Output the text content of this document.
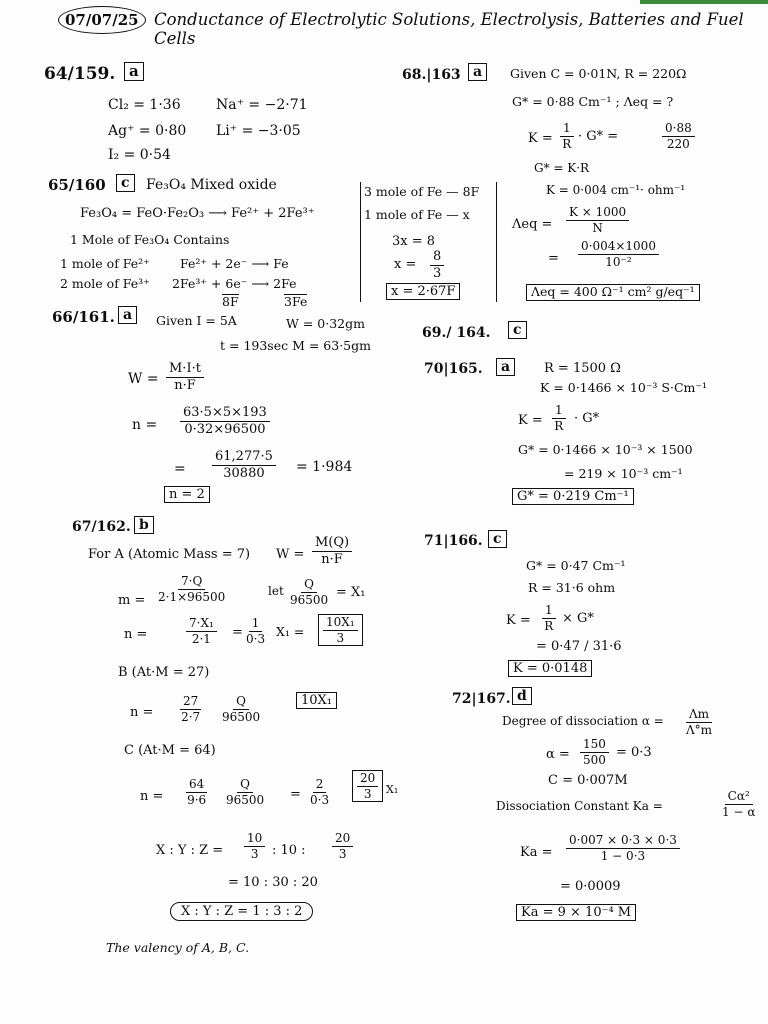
07/07/25 Conductance of Electrolytic Solutions, Electrolysis, Batteries and Fuel Cells
64/159. a
Cl₂ = 1·36	Na⁺ = −2·71
Ag⁺ = 0·80 Li⁺ = −3·05
I₂ = 0·54
65/160	c	Fe₃O₄ Mixed oxide
Fe₃O₄ = FeO·Fe₂O₃ ⟶ Fe²⁺ + 2Fe³⁺
1 Mole of Fe₃O₄ Contains
1 mole of Fe²⁺ Fe²⁺ + 2e⁻ ⟶ Fe
2 mole of Fe³⁺ 2Fe³⁺ + 6e⁻ ⟶ 2Fe
8F	3Fe
3 mole of Fe — 8F
1 mole of Fe — x
3x = 8
$x = \frac{8}{3}$
x = 2·67F
66/161. a	Given I = 5A	W = 0·32gm
t = 193sec M = 63·5gm
$W = \frac{M\cdot I\cdot t}{n\cdot F}$
$n = \frac{63\cdot 5\times 5\times 193}{0\cdot 32\times 96500}$
= $\frac{61,277\cdot 5}{30880} = 1\cdot 984$
n = 2
67/162. b
For A (Atomic Mass = 7) $W = \frac{M(Q)}{n\cdot F}$
$m = \frac{7\cdot Q}{2\cdot 1\times 96500}$	let $\frac{Q}{96500} = X_1$
n =	$\frac{\text{7·X₁}}{2\cdot 1} = \frac{1}{0\cdot 3} X_1 = \frac{\text{10X₁}}{3}$
B (At·M = 27)
$n = \frac{27}{2\cdot 7} \frac{Q}{96500}$	10X₁
C (At·M = 64)
$n = \frac{64}{9\cdot 6} \frac{Q}{96500} = \frac{2}{0\cdot 3} \frac{20}{3} X_1$
X : Y : $Z = \frac{10}{3}$ : 10 : $\frac{20}{3}$
= 10 : 30 : 20
X : Y : Z = 1 : 3 : 2
The valency of A, B, C.
68.|163 a	Given C = 0·01N, R = 220Ω
G* = 0·88 Cm⁻¹ ; Λeq = ?
$K = \frac{1}{R} \cdot G*$ =	$\frac{0\cdot 88}{220}$
G* = K·R
K = 0·004 cm⁻¹· ohm⁻¹
$\Lambda eq = \frac{K \times 1000}{N}$
= $\frac{0\cdot 004\times 1000}{\text{10⁻²}}$
Λeq = 400 Ω⁻¹ cm² g/eq⁻¹
69./ 164.	c
70|165.	a	R = 1500 Ω
K = 0·1466 × 10⁻³ S·Cm⁻¹
$K = \frac{1}{R} \cdot G*$
G* = 0·1466 × 10⁻³ × 1500
= 219 × 10⁻³ cm⁻¹
G* = 0·219 Cm⁻¹
71|166. c
G* = 0·47 Cm⁻¹
R = 31·6 ohm
$K = \frac{1}{R} \times G*$
= 0·47 / 31·6
K = 0·0148
72|167. d
Degree of dissociation $\alpha = \frac{\Lambda m}{\Lambda^\circ m}$
$\alpha = \frac{150}{500} = 0\cdot 3$
C = 0·007M
Dissociation Constant Ka =	$\frac{\text{Cα²}}{1 - \alpha}$
$Ka = \frac{0\cdot 007 \times 0\cdot 3 \times 0\cdot 3}{1 - 0\cdot 3}$
= 0·0009
Ka = 9 × 10⁻⁴ M
